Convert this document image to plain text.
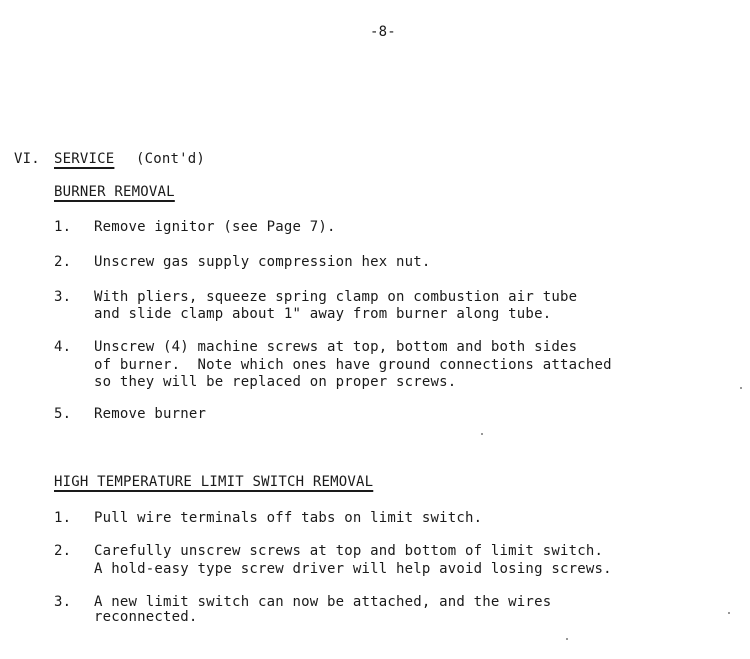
-8-
VI. SERVICE (Cont'd)
BURNER REMOVAL
1. Remove ignitor (see Page 7).
2. Unscrew gas supply compression hex nut.
3. With pliers, squeeze spring clamp on combustion air tube
and slide clamp about 1" away from burner along tube.
4. Unscrew (4) machine screws at top, bottom and both sides
of burner.  Note which ones have ground connections attached
so they will be replaced on proper screws.
5. Remove burner
HIGH TEMPERATURE LIMIT SWITCH REMOVAL
1. Pull wire terminals off tabs on limit switch.
2. Carefully unscrew screws at top and bottom of limit switch.
A hold-easy type screw driver will help avoid losing screws.
3. A new limit switch can now be attached, and the wires
reconnected.
